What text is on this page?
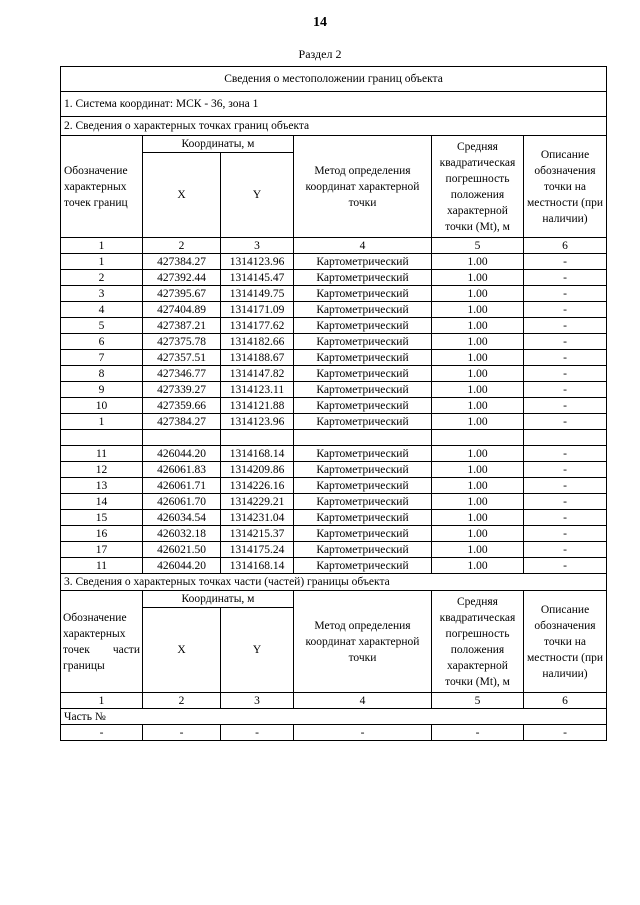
14
Раздел 2
Сведения о местоположении границ объекта					
1. Система координат: МСК - 36, зона 1					
2. Сведения о характерных точках границ объекта					
Обозначение характерных точек границ	Координаты, м		Метод определения координат характерной точки	Средняя квадратическая погрешность положения характерной точки (Mt), м	Описание обозначения точки на местности (при наличии)
	X	Y			
1	2	3	4	5	6
1	427384.27	1314123.96	Картометрический	1.00	-
2	427392.44	1314145.47	Картометрический	1.00	-
3	427395.67	1314149.75	Картометрический	1.00	-
4	427404.89	1314171.09	Картометрический	1.00	-
5	427387.21	1314177.62	Картометрический	1.00	-
6	427375.78	1314182.66	Картометрический	1.00	-
7	427357.51	1314188.67	Картометрический	1.00	-
8	427346.77	1314147.82	Картометрический	1.00	-
9	427339.27	1314123.11	Картометрический	1.00	-
10	427359.66	1314121.88	Картометрический	1.00	-
1	427384.27	1314123.96	Картометрический	1.00	-

11	426044.20	1314168.14	Картометрический	1.00	-
12	426061.83	1314209.86	Картометрический	1.00	-
13	426061.71	1314226.16	Картометрический	1.00	-
14	426061.70	1314229.21	Картометрический	1.00	-
15	426034.54	1314231.04	Картометрический	1.00	-
16	426032.18	1314215.37	Картометрический	1.00	-
17	426021.50	1314175.24	Картометрический	1.00	-
11	426044.20	1314168.14	Картометрический	1.00	-
3. Сведения о характерных точках части (частей) границы объекта					
Обозначение характерных точек части границы	Координаты, м		Метод определения координат характерной точки	Средняя квадратическая погрешность положения характерной точки (Mt), м	Описание обозначения точки на местности (при наличии)
	X	Y			
1	2	3	4	5	6
Часть №					
-	-	-	-	-	-
